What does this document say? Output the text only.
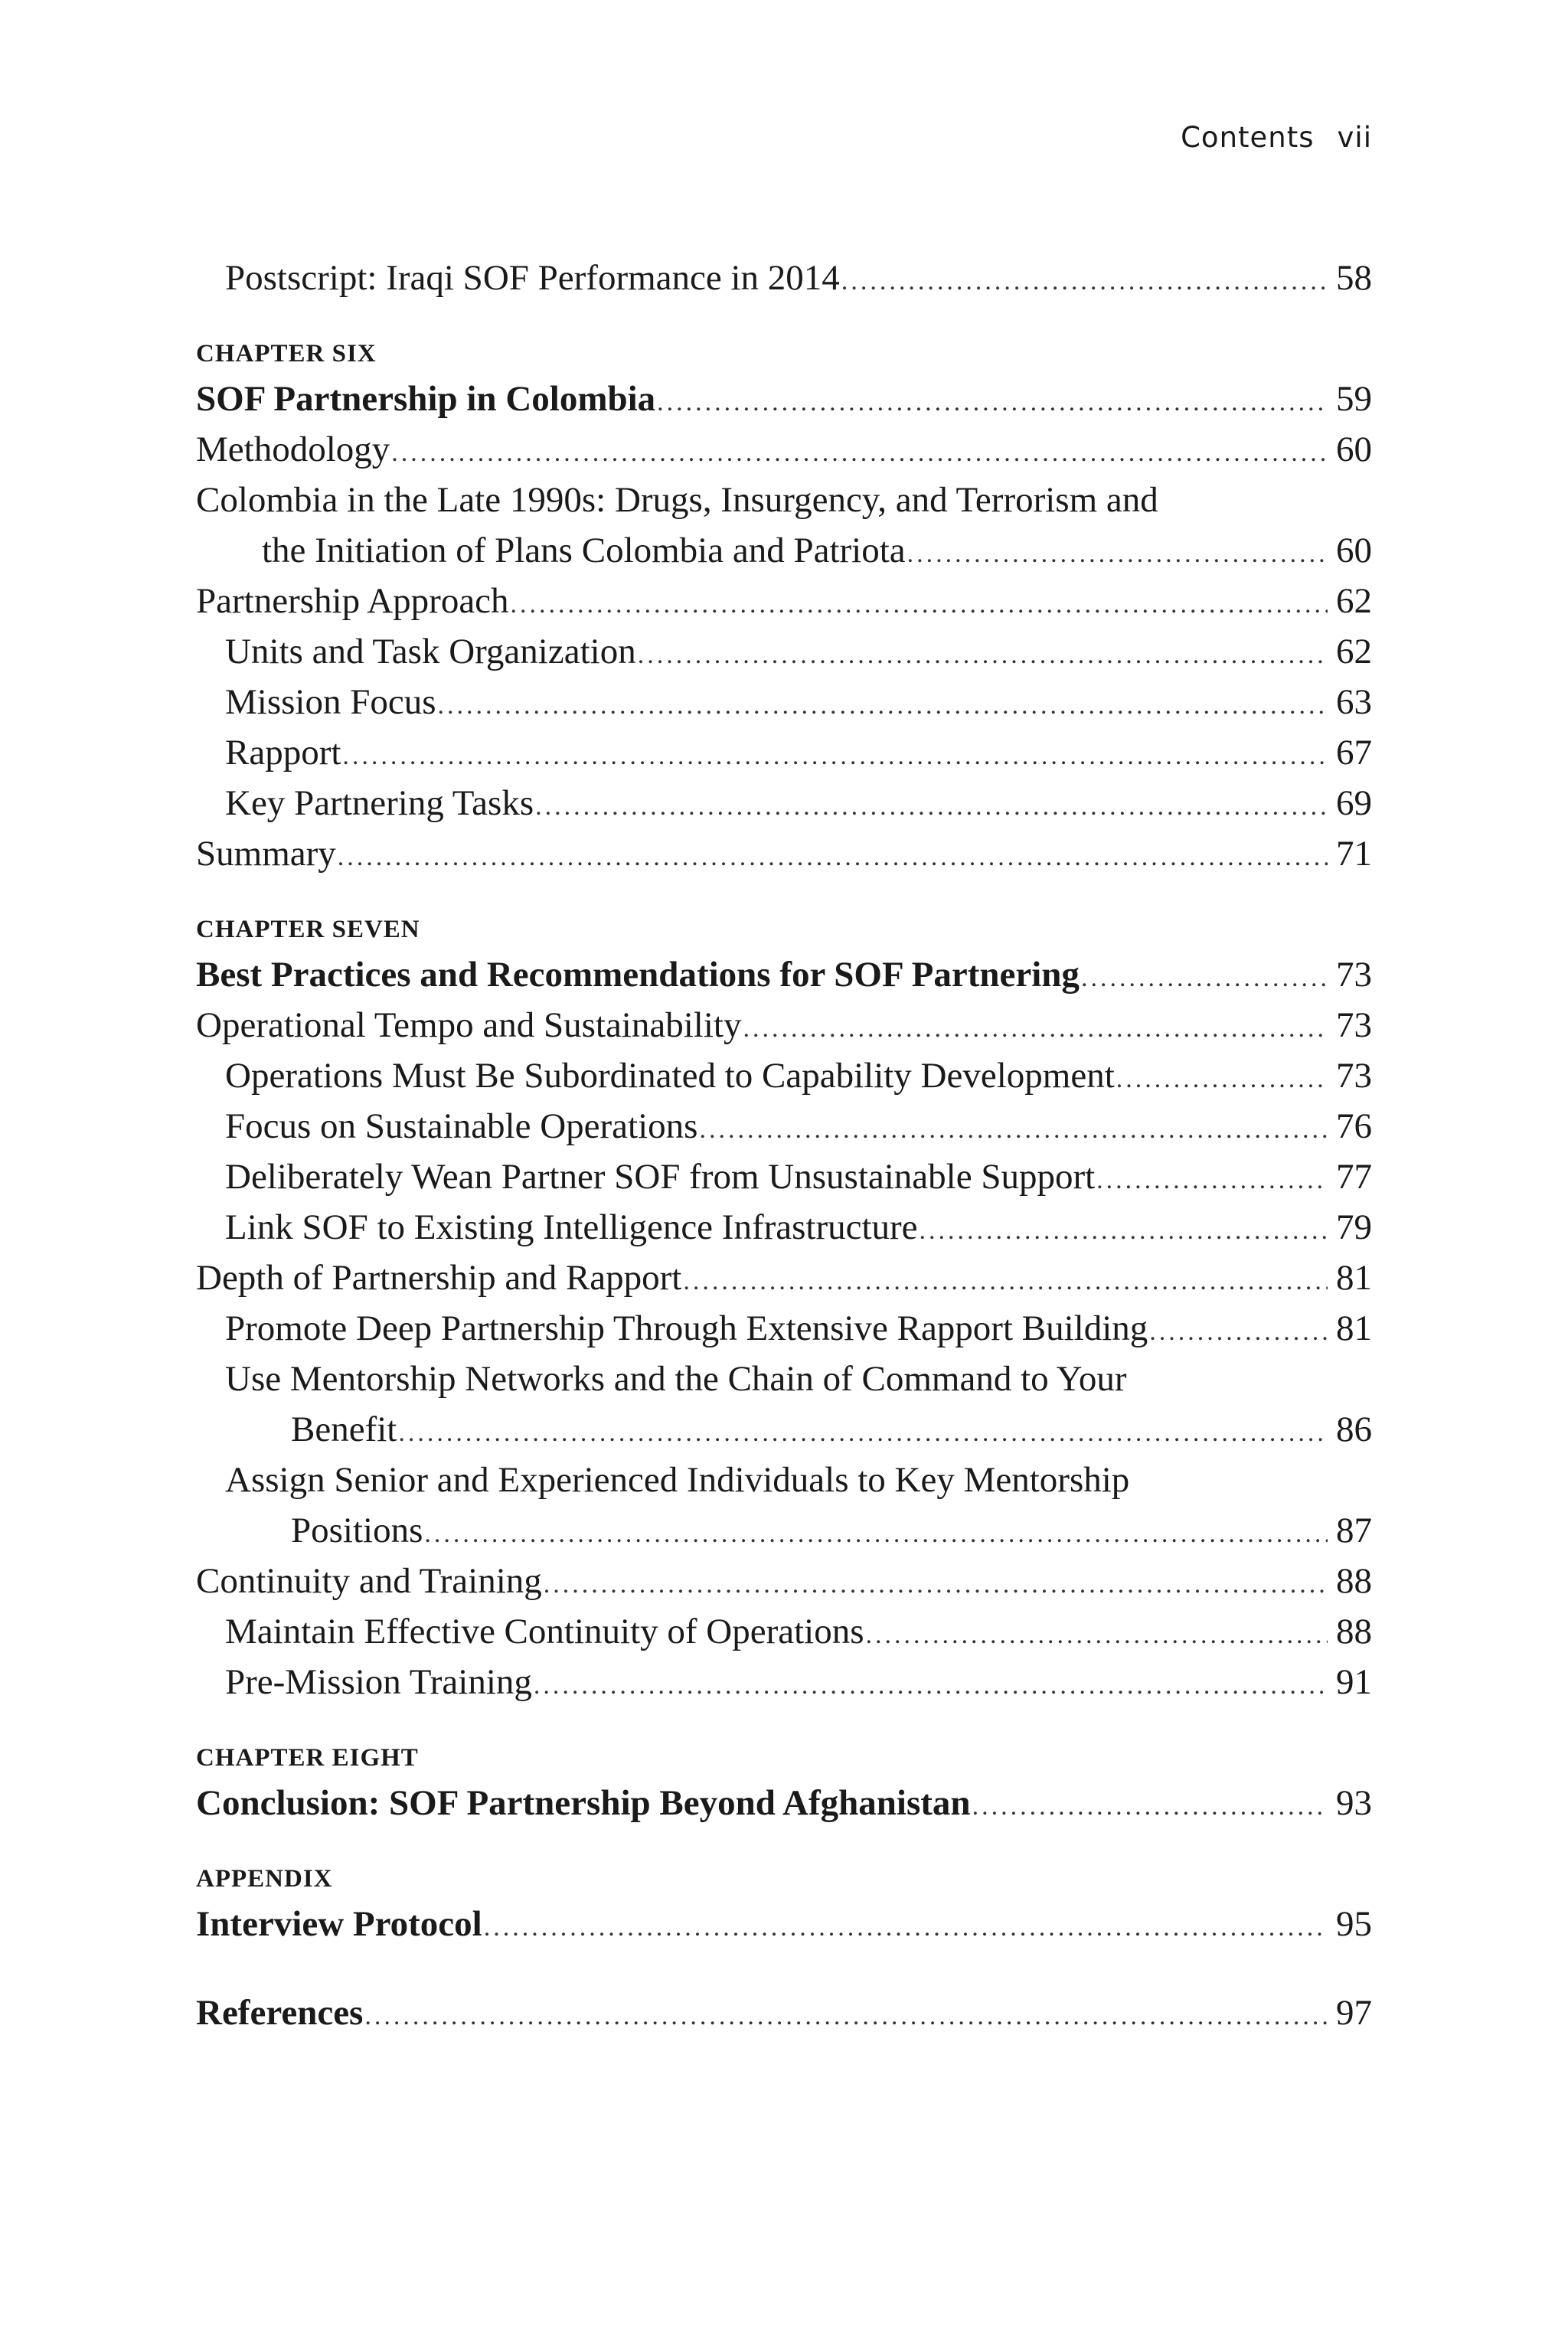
Contents vii
Postscript: Iraqi SOF Performance in 2014 .....	58
CHAPTER SIX
SOF Partnership in Colombia .....	59
Methodology .....	60
Colombia in the Late 1990s: Drugs, Insurgency, and Terrorism and
the Initiation of Plans Colombia and Patriota .....	60
Partnership Approach .....	62
Units and Task Organization .....	62
Mission Focus .....	63
Rapport .....	67
Key Partnering Tasks .....	69
Summary .....	71
CHAPTER SEVEN
Best Practices and Recommendations for SOF Partnering .....	73
Operational Tempo and Sustainability .....	73
Operations Must Be Subordinated to Capability Development .....	73
Focus on Sustainable Operations .....	76
Deliberately Wean Partner SOF from Unsustainable Support .....	77
Link SOF to Existing Intelligence Infrastructure .....	79
Depth of Partnership and Rapport .....	81
Promote Deep Partnership Through Extensive Rapport Building .....	81
Use Mentorship Networks and the Chain of Command to Your
Benefit .....	86
Assign Senior and Experienced Individuals to Key Mentorship
Positions .....	87
Continuity and Training .....	88
Maintain Effective Continuity of Operations .....	88
Pre-Mission Training .....	91
CHAPTER EIGHT
Conclusion: SOF Partnership Beyond Afghanistan .....	93
APPENDIX
Interview Protocol .....	95
References .....	97
